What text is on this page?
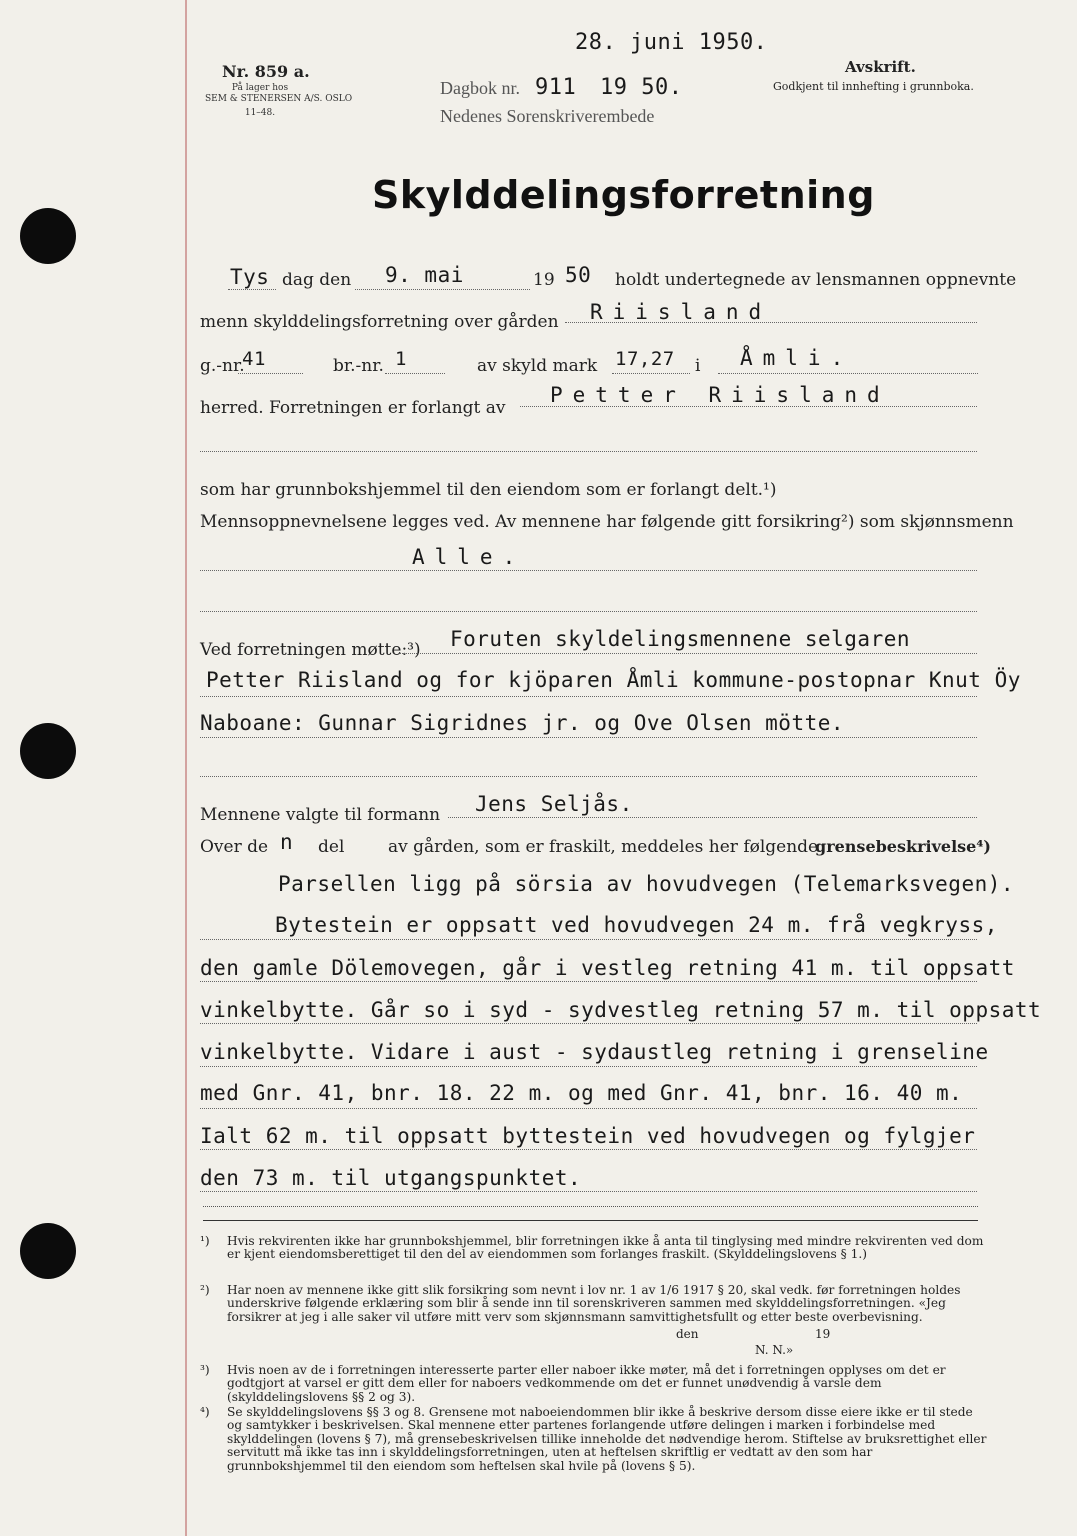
Nr. 859 a.
På lager hos
SEM & STENERSEN A/S. OSLO
11–48.
28. juni 1950.
Dagbok nr. 911 19 50.
Nedenes Sorenskriverembede
Avskrift.
Godkjent til innhefting i grunnboka.
Skylddelingsforretning
Tys dag den 9. mai	19 50 holdt undertegnede av lensmannen oppnevnte
menn skylddelingsforretning over gården Riisland
g.-nr.
41	br.-nr. 1	av skyld mark 17,27 i Åmli.
herred. Forretningen er forlangt av
Petter Riisland
som har grunnbokshjemmel til den eiendom som er forlangt delt.¹)
Mennsoppnevnelsene legges ved. Av mennene har følgende gitt forsikring²) som skjønnsmenn
Alle.
Ved forretningen møtte:³) Foruten skyldelingsmennene selgaren
Petter Riisland og for kjöparen Åmli kommune-postopnar Knut Öy
Naboane: Gunnar Sigridnes jr. og Ove Olsen mötte.
Mennene valgte til formann Jens Seljås.
Over de n del	av gården, som er fraskilt, meddeles her følgende
grensebeskrivelse⁴)
Parsellen ligg på sörsia av hovudvegen (Telemarksvegen).
Bytestein er oppsatt ved hovudvegen 24 m. frå vegkryss,
den gamle Dölemovegen, går i vestleg retning 41 m. til oppsatt
vinkelbytte. Går so i syd - sydvestleg retning 57 m. til oppsatt
vinkelbytte. Vidare i aust - sydaustleg retning i grenseline
med Gnr. 41, bnr. 18. 22 m. og med Gnr. 41, bnr. 16. 40 m.
Ialt 62 m. til oppsatt byttestein ved hovudvegen og fylgjer
den 73 m. til utgangspunktet.
¹) Hvis rekvirenten ikke har grunnbokshjemmel, blir forretningen ikke å anta til tinglysing med mindre rekvirenten ved dom er kjent eiendomsberettiget til den del av eiendommen som forlanges fraskilt. (Skylddelingslovens § 1.)
²) Har noen av mennene ikke gitt slik forsikring som nevnt i lov nr. 1 av 1/6 1917 § 20, skal vedk. før forretningen holdes underskrive følgende erklæring som blir å sende inn til sorenskriveren sammen med skylddelingsforretningen. «Jeg forsikrer at jeg i alle saker vil utføre mitt verv som skjønnsmann samvittighetsfullt og etter beste overbevisning.
den	19
N. N.»
³) Hvis noen av de i forretningen interesserte parter eller naboer ikke møter, må det i forretningen opplyses om det er godtgjort at varsel er gitt dem eller for naboers vedkommende om det er funnet unødvendig å varsle dem (skylddelingslovens §§ 2 og 3).
⁴) Se skylddelingslovens §§ 3 og 8. Grensene mot naboeiendommen blir ikke å beskrive dersom disse eiere ikke er til stede og samtykker i beskrivelsen. Skal mennene etter partenes forlangende utføre delingen i marken i forbindelse med skylddelingen (lovens § 7), må grensebeskrivelsen tillike inneholde det nødvendige herom. Stiftelse av bruksrettighet eller servitutt må ikke tas inn i skylddelingsforretningen, uten at heftelsen skriftlig er vedtatt av den som har grunnbokshjemmel til den eiendom som heftelsen skal hvile på (lovens § 5).
